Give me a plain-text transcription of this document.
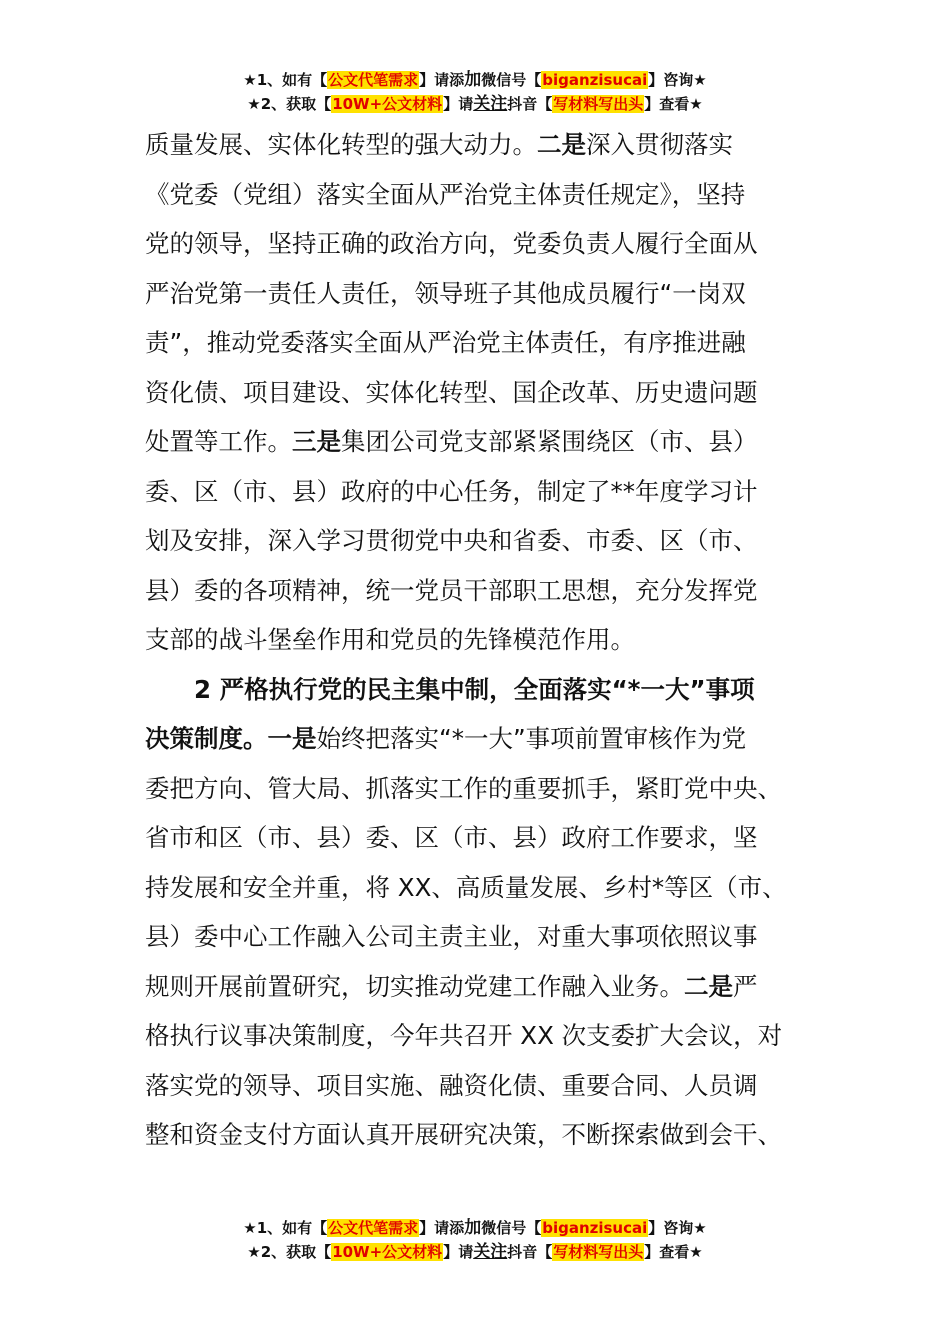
★1、如有【公文代笔需求】请添加微信号【biganzisucai】咨询★
★2、获取【10W+公文材料】请关注抖音【写材料写出头】查看★

质量发展、实体化转型的强大动力。二是深入贯彻落实
《党委（党组）落实全面从严治党主体责任规定》，坚持
党的领导，坚持正确的政治方向，党委负责人履行全面从
严治党第一责任人责任，领导班子其他成员履行“一岗双
责”，推动党委落实全面从严治党主体责任，有序推进融
资化债、项目建设、实体化转型、国企改革、历史遗问题
处置等工作。三是集团公司党支部紧紧围绕区（市、县）
委、区（市、县）政府的中心任务，制定了**年度学习计
划及安排，深入学习贯彻党中央和省委、市委、区（市、
县）委的各项精神，统一党员干部职工思想，充分发挥党
支部的战斗堡垒作用和党员的先锋模范作用。

2 严格执行党的民主集中制，全面落实“*一大”事项
决策制度。一是始终把落实“*一大”事项前置审核作为党
委把方向、管大局、抓落实工作的重要抓手，紧盯党中央、
省市和区（市、县）委、区（市、县）政府工作要求，坚
持发展和安全并重，将 XX、高质量发展、乡村*等区（市、
县）委中心工作融入公司主责主业，对重大事项依照议事
规则开展前置研究，切实推动党建工作融入业务。二是严
格执行议事决策制度，今年共召开 XX 次支委扩大会议，对
落实党的领导、项目实施、融资化债、重要合同、人员调
整和资金支付方面认真开展研究决策，不断探索做到会干、

★1、如有【公文代笔需求】请添加微信号【biganzisucai】咨询★
★2、获取【10W+公文材料】请关注抖音【写材料写出头】查看★
